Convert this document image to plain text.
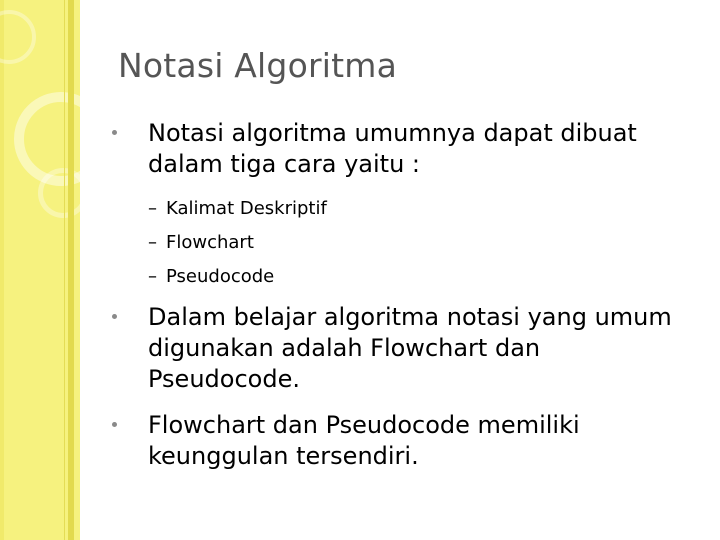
Notasi Algoritma
Notasi algoritma umumnya dapat dibuat
dalam tiga cara yaitu :
– Kalimat Deskriptif
– Flowchart
– Pseudocode
Dalam belajar algoritma notasi yang umum
digunakan adalah Flowchart dan
Pseudocode.
Flowchart dan Pseudocode memiliki
keunggulan tersendiri.
